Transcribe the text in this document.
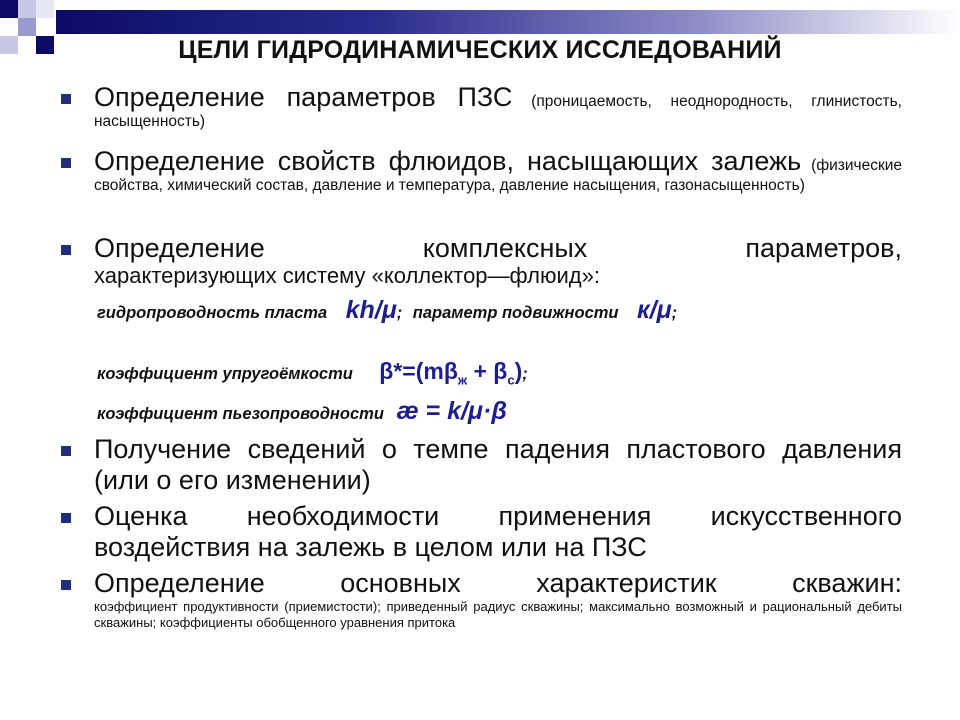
ЦЕЛИ ГИДРОДИНАМИЧЕСКИХ ИССЛЕДОВАНИЙ
Определение параметров ПЗС (проницаемость, неоднородность, глинистость, насыщенность)
Определение свойств флюидов, насыщающих залежь (физические свойства, химический состав, давление и температура, давление насыщения, газонасыщенность)
Определение комплексных параметров,
характеризующих систему «коллектор—флюид»:
гидропроводность пласта kh/μ; параметр подвижности к/μ;
коэффициент упругоёмкости $\beta*=(m\beta_ж + \beta_с)$;
коэффициент пьезопроводности æ = k/μ·β
Получение сведений о темпе падения пластового давления (или о его изменении)
Оценка необходимости применения искусственного воздействия на залежь в целом или на ПЗС
Определение основных характеристик скважин:
коэффициент продуктивности (приемистости); приведенный радиус скважины; максимально возможный и рациональный дебиты скважины; коэффициенты обобщенного уравнения притока
